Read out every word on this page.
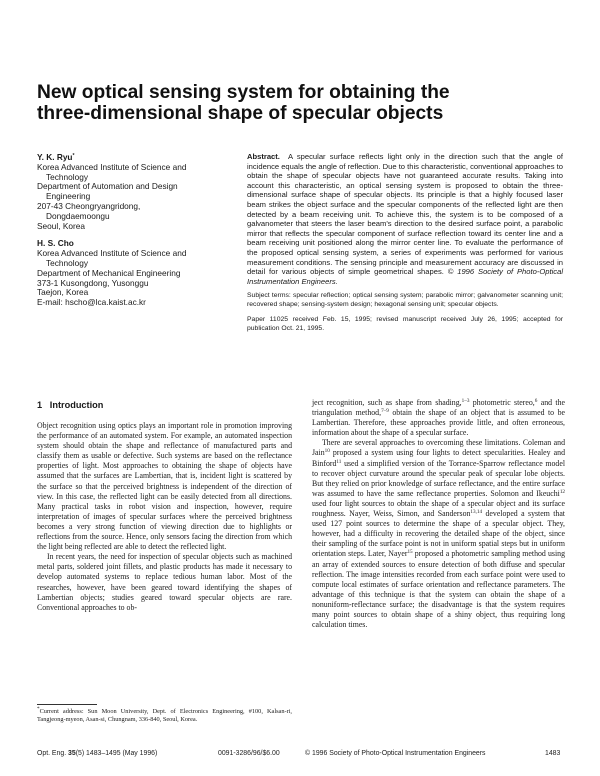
New optical sensing system for obtaining the
three-dimensional shape of specular objects
Y. K. Ryu*
Korea Advanced Institute of Science and
Technology
Department of Automation and Design
Engineering
207-43 Cheongryangridong,
Dongdaemoongu
Seoul, Korea
H. S. Cho
Korea Advanced Institute of Science and
Technology
Department of Mechanical Engineering
373-1 Kusongdong, Yusonggu
Taejon, Korea
E-mail: hscho@lca.kaist.ac.kr
Abstract. A specular surface reflects light only in the direction such that the angle of incidence equals the angle of reflection. Due to this characteristic, conventional approaches to obtain the shape of specular objects have not guaranteed accurate results. Taking into account this characteristic, an optical sensing system is proposed to obtain the three-dimensional surface shape of specular objects. Its principle is that a highly focused laser beam strikes the object surface and the specular components of the reflected light are then detected by a beam receiving unit. To achieve this, the system is to be composed of a galvanometer that steers the laser beam's direction to the desired surface point, a parabolic mirror that reflects the specular component of surface reflection toward its center line and a beam receiving unit positioned along the mirror center line. To evaluate the performance of the proposed optical sensing system, a series of experiments was performed for various measurement conditions. The sensing principle and measurement accuracy are discussed in detail for various objects of simple geometrical shapes. © 1996 Society of Photo-Optical Instrumentation Engineers.
Subject terms: specular reflection; optical sensing system; parabolic mirror; galvanometer scanning unit; recovered shape; sensing-system design; hexagonal sensing unit; specular objects.
Paper 11025 received Feb. 15, 1995; revised manuscript received July 26, 1995; accepted for publication Oct. 21, 1995.
1 Introduction

Object recognition using optics plays an important role in promotion improving the performance of an automated system. For example, an automated inspection system should obtain the shape and reflectance of manufactured parts and classify them as usable or defective. Such systems are based on the reflectance properties of light. Most approaches to obtaining the shape of objects have assumed that the surfaces are Lambertian, that is, incident light is scattered by the surface so that the perceived brightness is independent of the direction of view. In this case, the reflected light can be easily detected from all directions. Many practical tasks in robot vision and inspection, however, require interpretation of images of specular surfaces where the perceived brightness becomes a very strong function of viewing direction due to highlights or reflections from the source. Hence, only sensors facing the direction from which the light being reflected are able to detect the reflected light.

In recent years, the need for inspection of specular objects such as machined metal parts, soldered joint fillets, and plastic products has made it necessary to develop automated systems to replace tedious human labor. Most of the researches, however, have been geared toward identifying the shapes of Lambertian objects; studies geared toward specular objects are rare. Conventional approaches to ob-

ject recognition, such as shape from shading,$^{1-3}$ photometric stereo,$^6$ and the triangulation method,$^{7-9}$ obtain the shape of an object that is assumed to be Lambertian. Therefore, these approaches provide little, and often erroneous, information about the shape of a specular surface.

There are several approaches to overcoming these limitations. Coleman and Jain$^{10}$ proposed a system using four lights to detect specularities. Healey and Binford$^{11}$ used a simplified version of the Torrance-Sparrow reflectance model to recover object curvature around the specular peak of specular lobe objects. But they relied on prior knowledge of surface reflectance, and the entire surface was assumed to have the same reflectance properties. Solomon and Ikeuchi$^{12}$ used four light sources to obtain the shape of a specular object and its surface roughness. Nayer, Weiss, Simon, and Sanderson$^{13,14}$ developed a system that used 127 point sources to determine the shape of a specular object. They, however, had a difficulty in recovering the detailed shape of the object, since their sampling of the surface point is not in uniform spatial steps but in uniform orientation steps. Later, Nayer$^{15}$ proposed a photometric sampling method using an array of extended sources to ensure detection of both diffuse and specular reflection. The image intensities recorded from each surface point were used to compute local estimates of surface orientation and reflectance parameters. The advantage of this technique is that the system can obtain the shape of a nonuniform-reflectance surface; the disadvantage is that the system requires many point sources to obtain shape of a shiny object, thus requiring long calculation times.

*Current address: Sun Moon University, Dept. of Electronics Engineering, #100, Kalsan-ri, Tangjeong-myeon, Asan-si, Chungnam, 336-840, Seoul, Korea.
Opt. Eng. 35(5) 1483–1495 (May 1996)	0091-3286/96/$6.00	© 1996 Society of Photo-Optical Instrumentation Engineers	1483
